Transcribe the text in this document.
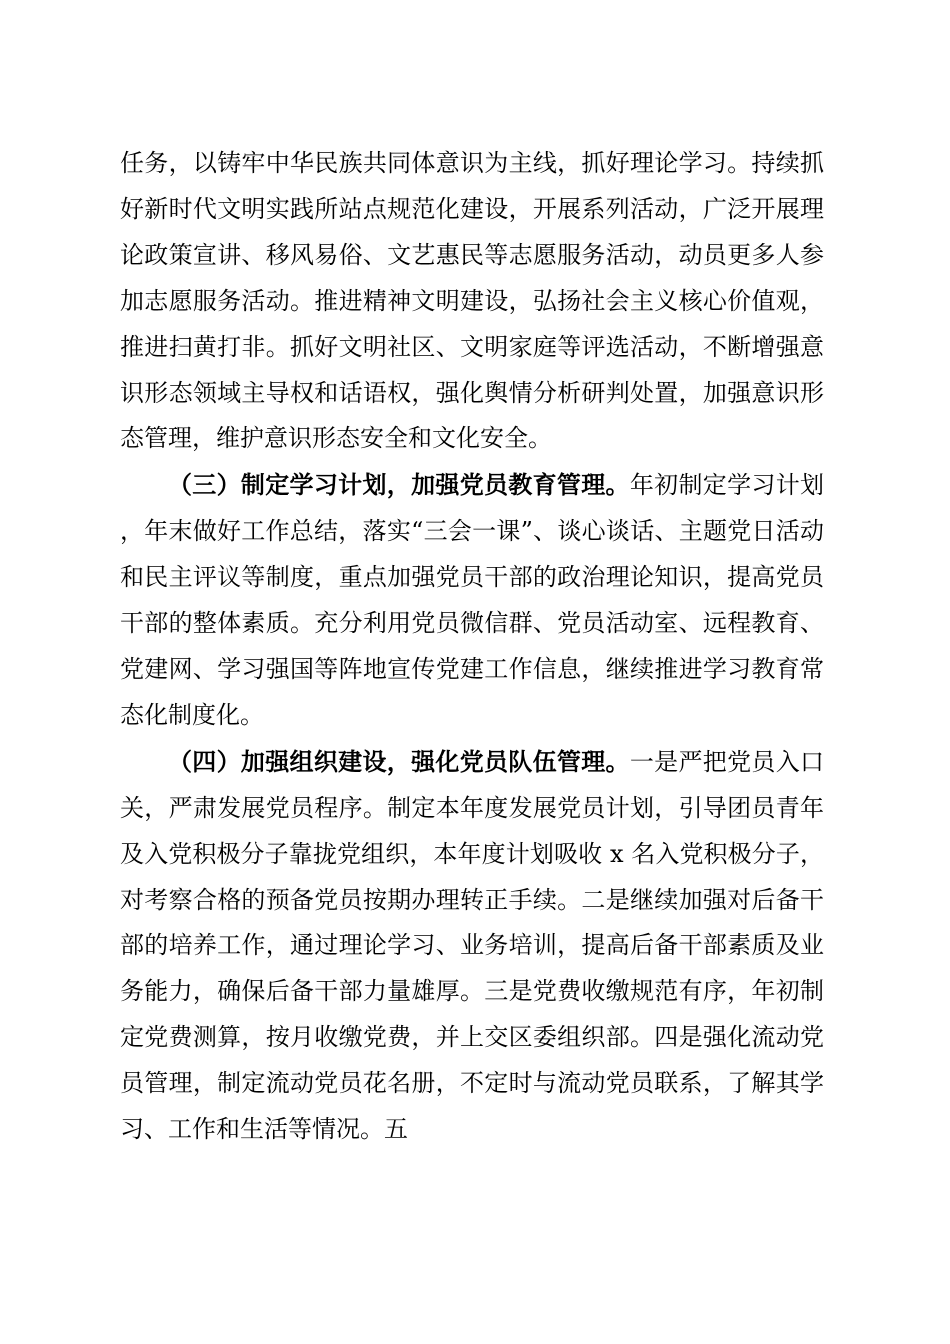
任务，以铸牢中华民族共同体意识为主线，抓好理论学习。持续抓好新时代文明实践所站点规范化建设，开展系列活动，广泛开展理论政策宣讲、移风易俗、文艺惠民等志愿服务活动，动员更多人参加志愿服务活动。推进精神文明建设，弘扬社会主义核心价值观，推进扫黄打非。抓好文明社区、文明家庭等评选活动，不断增强意识形态领域主导权和话语权，强化舆情分析研判处置，加强意识形态管理，维护意识形态安全和文化安全。

（三）制定学习计划，加强党员教育管理。年初制定学习计划，年末做好工作总结，落实“三会一课”、谈心谈话、主题党日活动和民主评议等制度，重点加强党员干部的政治理论知识，提高党员干部的整体素质。充分利用党员微信群、党员活动室、远程教育、党建网、学习强国等阵地宣传党建工作信息，继续推进学习教育常态化制度化。

（四）加强组织建设，强化党员队伍管理。一是严把党员入口关，严肃发展党员程序。制定本年度发展党员计划，引导团员青年及入党积极分子靠拢党组织，本年度计划吸收 x 名入党积极分子，对考察合格的预备党员按期办理转正手续。二是继续加强对后备干部的培养工作，通过理论学习、业务培训，提高后备干部素质及业务能力，确保后备干部力量雄厚。三是党费收缴规范有序，年初制定党费测算，按月收缴党费，并上交区委组织部。四是强化流动党员管理，制定流动党员花名册，不定时与流动党员联系，了解其学习、工作和生活等情况。五
